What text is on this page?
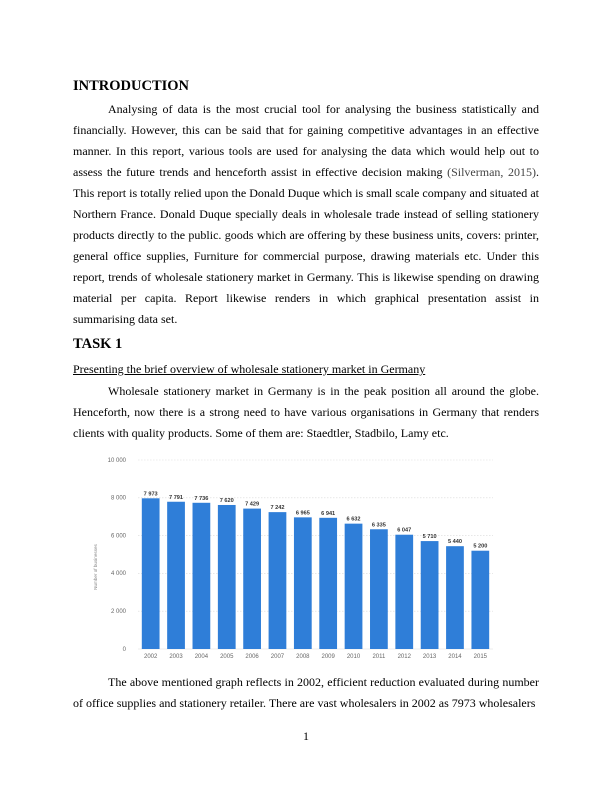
INTRODUCTION

Analysing of data is the most crucial tool for analysing the business statistically and financially. However, this can be said that for gaining competitive advantages in an effective manner. In this report, various tools are used for analysing the data which would help out to assess the future trends and henceforth assist in effective decision making (Silverman, 2015). This report is totally relied upon the Donald Duque which is small scale company and situated at Northern France. Donald Duque specially deals in wholesale trade instead of selling stationery products directly to the public. goods which are offering by these business units, covers: printer, general office supplies, Furniture for commercial purpose, drawing materials etc. Under this report, trends of wholesale stationery market in Germany. This is likewise spending on drawing material per capita. Report likewise renders in which graphical presentation assist in summarising data set.

TASK 1

Presenting the brief overview of wholesale stationery market in Germany

Wholesale stationery market in Germany is in the peak position all around the globe. Henceforth, now there is a strong need to have various organisations in Germany that renders clients with quality products. Some of them are: Staedtler, Stadbilo, Lamy etc.

0
2 000
4 000
6 000
8 000
10 000
7 973
7 791 7 736 7 620
7 429
7 242
6 965 6 941
6 632
6 335
6 047
5 710
5 440
5 200
2002 2003 2004 2005 2006 2007 2008 2009 2010 2011 2012 2013 2014 2015
Number of businesses

The above mentioned graph reflects in 2002, efficient reduction evaluated during number of office supplies and stationery retailer. There are vast wholesalers in 2002 as 7973 wholesalers

1
